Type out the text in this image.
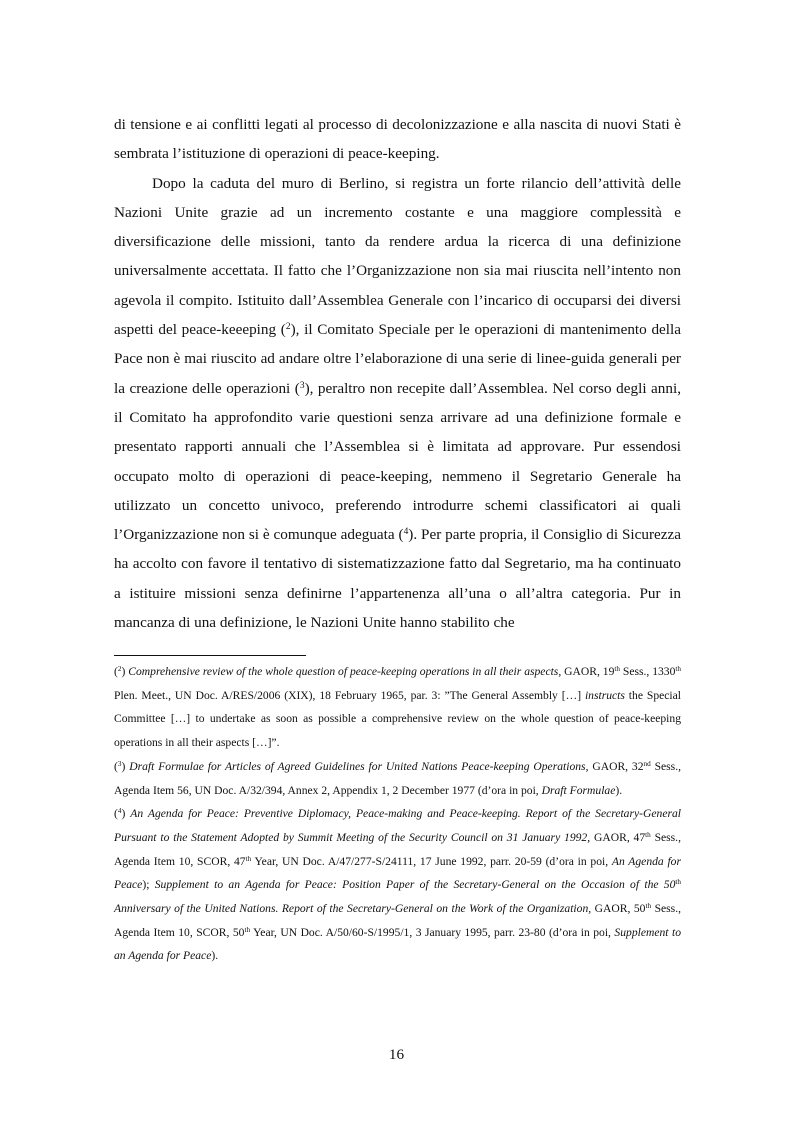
di tensione e ai conflitti legati al processo di decolonizzazione e alla nascita di nuovi Stati è sembrata l’istituzione di operazioni di peace-keeping.

Dopo la caduta del muro di Berlino, si registra un forte rilancio dell’attività delle Nazioni Unite grazie ad un incremento costante e una maggiore complessità e diversificazione delle missioni, tanto da rendere ardua la ricerca di una definizione universalmente accettata. Il fatto che l’Organizzazione non sia mai riuscita nell’intento non agevola il compito. Istituito dall’Assemblea Generale con l’incarico di occuparsi dei diversi aspetti del peace-keeeping ($^2$), il Comitato Speciale per le operazioni di mantenimento della Pace non è mai riuscito ad andare oltre l’elaborazione di una serie di linee-guida generali per la creazione delle operazioni ($^3$), peraltro non recepite dall’Assemblea. Nel corso degli anni, il Comitato ha approfondito varie questioni senza arrivare ad una definizione formale e presentato rapporti annuali che l’Assemblea si è limitata ad approvare. Pur essendosi occupato molto di operazioni di peace-keeping, nemmeno il Segretario Generale ha utilizzato un concetto univoco, preferendo introdurre schemi classificatori ai quali l’Organizzazione non si è comunque adeguata ($^4$). Per parte propria, il Consiglio di Sicurezza ha accolto con favore il tentativo di sistematizzazione fatto dal Segretario, ma ha continuato a istituire missioni senza definirne l’appartenenza all’una o all’altra categoria. Pur in mancanza di una definizione, le Nazioni Unite hanno stabilito che

($^2$) Comprehensive review of the whole question of peace-keeping operations in all their aspects, GAOR, 19th Sess., 1330th Plen. Meet., UN Doc. A/RES/2006 (XIX), 18 February 1965, par. 3: ”The General Assembly […] instructs the Special Committee […] to undertake as soon as possible a comprehensive review on the whole question of peace-keeping operations in all their aspects […]”.

($^3$) Draft Formulae for Articles of Agreed Guidelines for United Nations Peace-keeping Operations, GAOR, 32nd Sess., Agenda Item 56, UN Doc. A/32/394, Annex 2, Appendix 1, 2 December 1977 (d’ora in poi, Draft Formulae).

($^4$) An Agenda for Peace: Preventive Diplomacy, Peace-making and Peace-keeping. Report of the Secretary-General Pursuant to the Statement Adopted by Summit Meeting of the Security Council on 31 January 1992, GAOR, 47th Sess., Agenda Item 10, SCOR, 47th Year, UN Doc. A/47/277-S/24111, 17 June 1992, parr. 20-59 (d’ora in poi, An Agenda for Peace); Supplement to an Agenda for Peace: Position Paper of the Secretary-General on the Occasion of the 50th Anniversary of the United Nations. Report of the Secretary-General on the Work of the Organization, GAOR, 50th Sess., Agenda Item 10, SCOR, 50th Year, UN Doc. A/50/60-S/1995/1, 3 January 1995, parr. 23-80 (d’ora in poi, Supplement to an Agenda for Peace).

16
